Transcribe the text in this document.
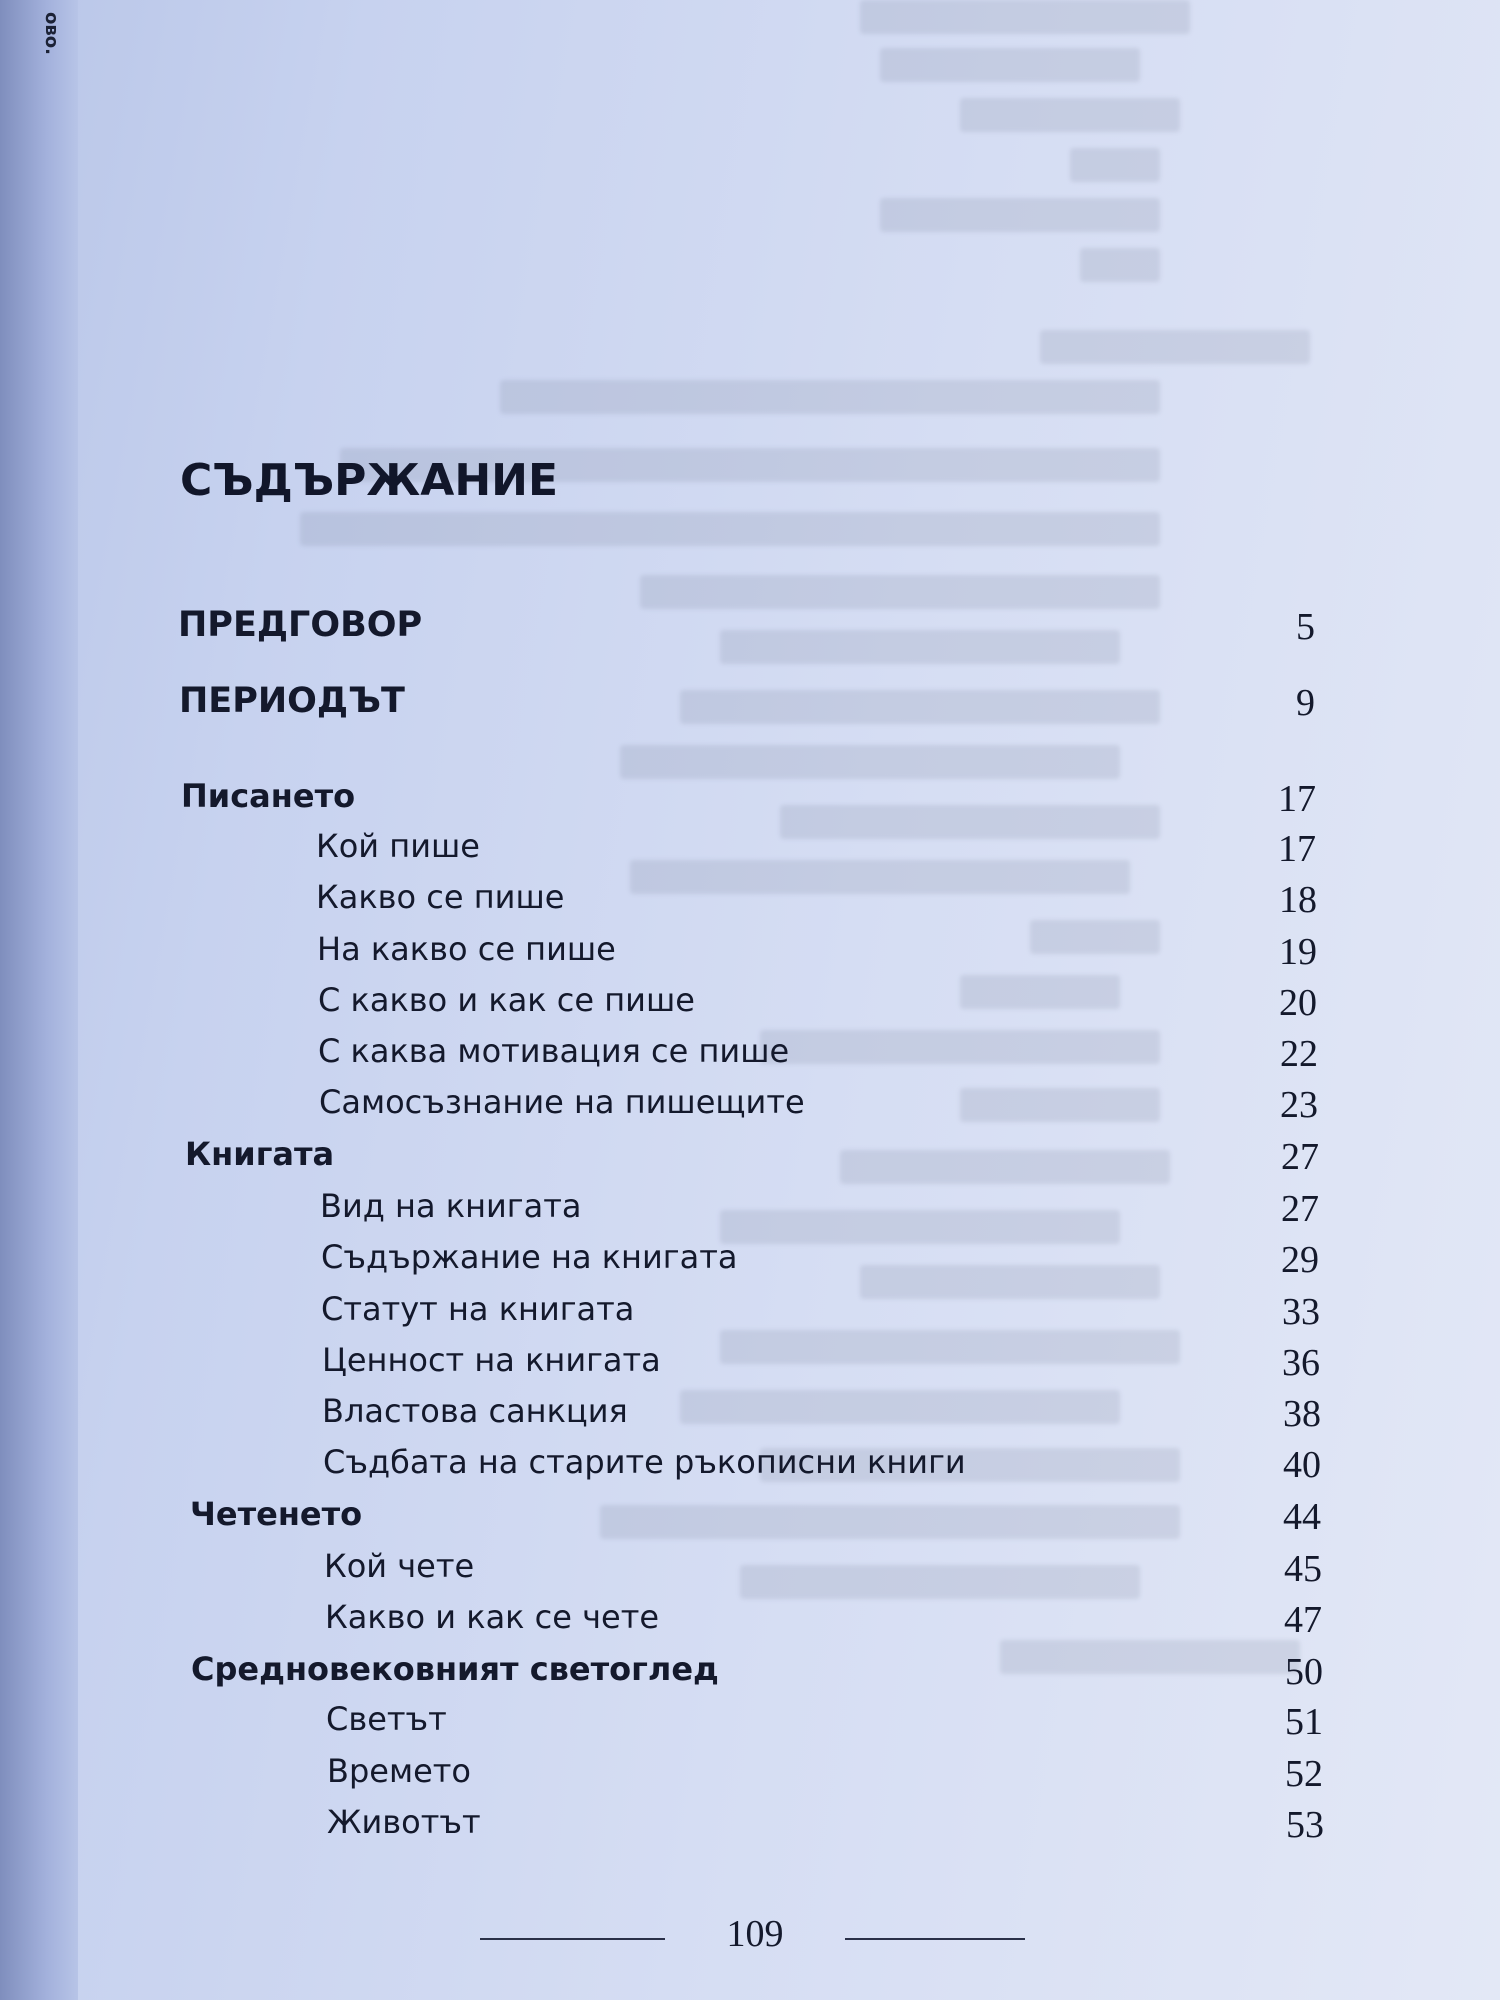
ово.
СЪДЪРЖАНИЕ
ПРЕДГОВОР	5
ПЕРИОДЪТ	9
Писането	17
Кой пише	17
Какво се пише	18
На какво се пише	19
С какво и как се пише	20
С каква мотивация се пише	22
Самосъзнание на пишещите	23
Книгата	27
Вид на книгата	27
Съдържание на книгата	29
Статут на книгата	33
Ценност на книгата	36
Властова санкция	38
Съдбата на старите ръкописни книги	40
Четенето	44
Кой чете	45
Какво и как се чете	47
Средновековният светоглед	50
Светът	51
Времето	52
Животът	53
109
